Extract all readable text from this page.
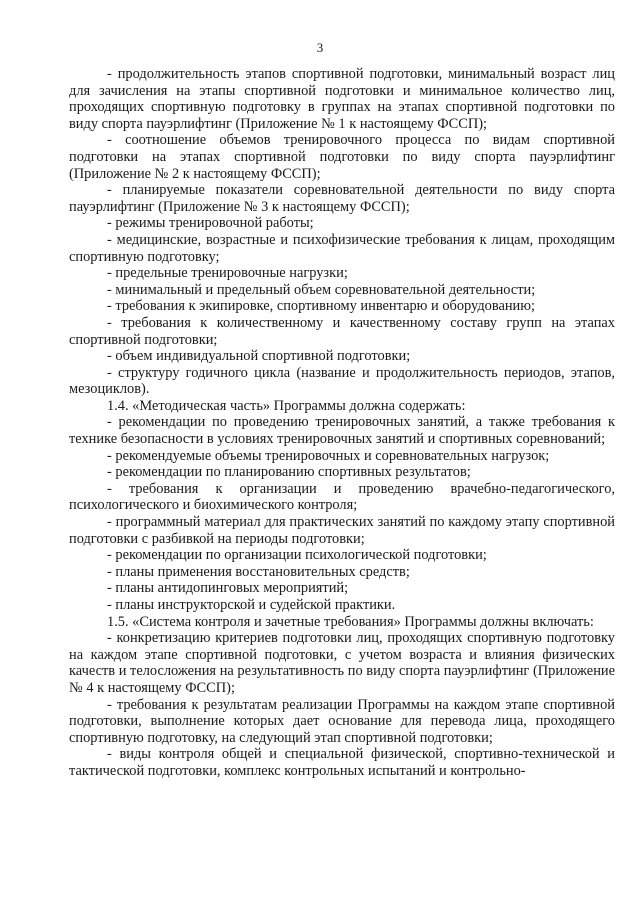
3

- продолжительность этапов спортивной подготовки, минимальный возраст лиц для зачисления на этапы спортивной подготовки и минимальное количество лиц, проходящих спортивную подготовку в группах на этапах спортивной подготовки по виду спорта пауэрлифтинг (Приложение № 1 к настоящему ФССП);

- соотношение объемов тренировочного процесса по видам спортивной подготовки на этапах спортивной подготовки по виду спорта пауэрлифтинг (Приложение № 2 к настоящему ФССП);

- планируемые показатели соревновательной деятельности по виду спорта пауэрлифтинг (Приложение № 3 к настоящему ФССП);

- режимы тренировочной работы;

- медицинские, возрастные и психофизические требования к лицам, проходящим спортивную подготовку;

- предельные тренировочные нагрузки;

- минимальный и предельный объем соревновательной деятельности;

- требования к экипировке, спортивному инвентарю и оборудованию;

- требования к количественному и качественному составу групп на этапах спортивной подготовки;

- объем индивидуальной спортивной подготовки;

- структуру годичного цикла (название и продолжительность периодов, этапов, мезоциклов).

1.4. «Методическая часть» Программы должна содержать:

- рекомендации по проведению тренировочных занятий, а также требования к технике безопасности в условиях тренировочных занятий и спортивных соревнований;

- рекомендуемые объемы тренировочных и соревновательных нагрузок;

- рекомендации по планированию спортивных результатов;

- требования к организации и проведению врачебно-педагогического, психологического и биохимического контроля;

- программный материал для практических занятий по каждому этапу спортивной подготовки с разбивкой на периоды подготовки;

- рекомендации по организации психологической подготовки;

- планы применения восстановительных средств;

- планы антидопинговых мероприятий;

- планы инструкторской и судейской практики.

1.5. «Система контроля и зачетные требования» Программы должны включать:

- конкретизацию критериев подготовки лиц, проходящих спортивную подготовку на каждом этапе спортивной подготовки, с учетом возраста и влияния физических качеств и телосложения на результативность по виду спорта пауэрлифтинг (Приложение № 4 к настоящему ФССП);

- требования к результатам реализации Программы на каждом этапе спортивной подготовки, выполнение которых дает основание для перевода лица, проходящего спортивную подготовку, на следующий этап спортивной подготовки;

- виды контроля общей и специальной физической, спортивно-технической и тактической подготовки, комплекс контрольных испытаний и контрольно-
